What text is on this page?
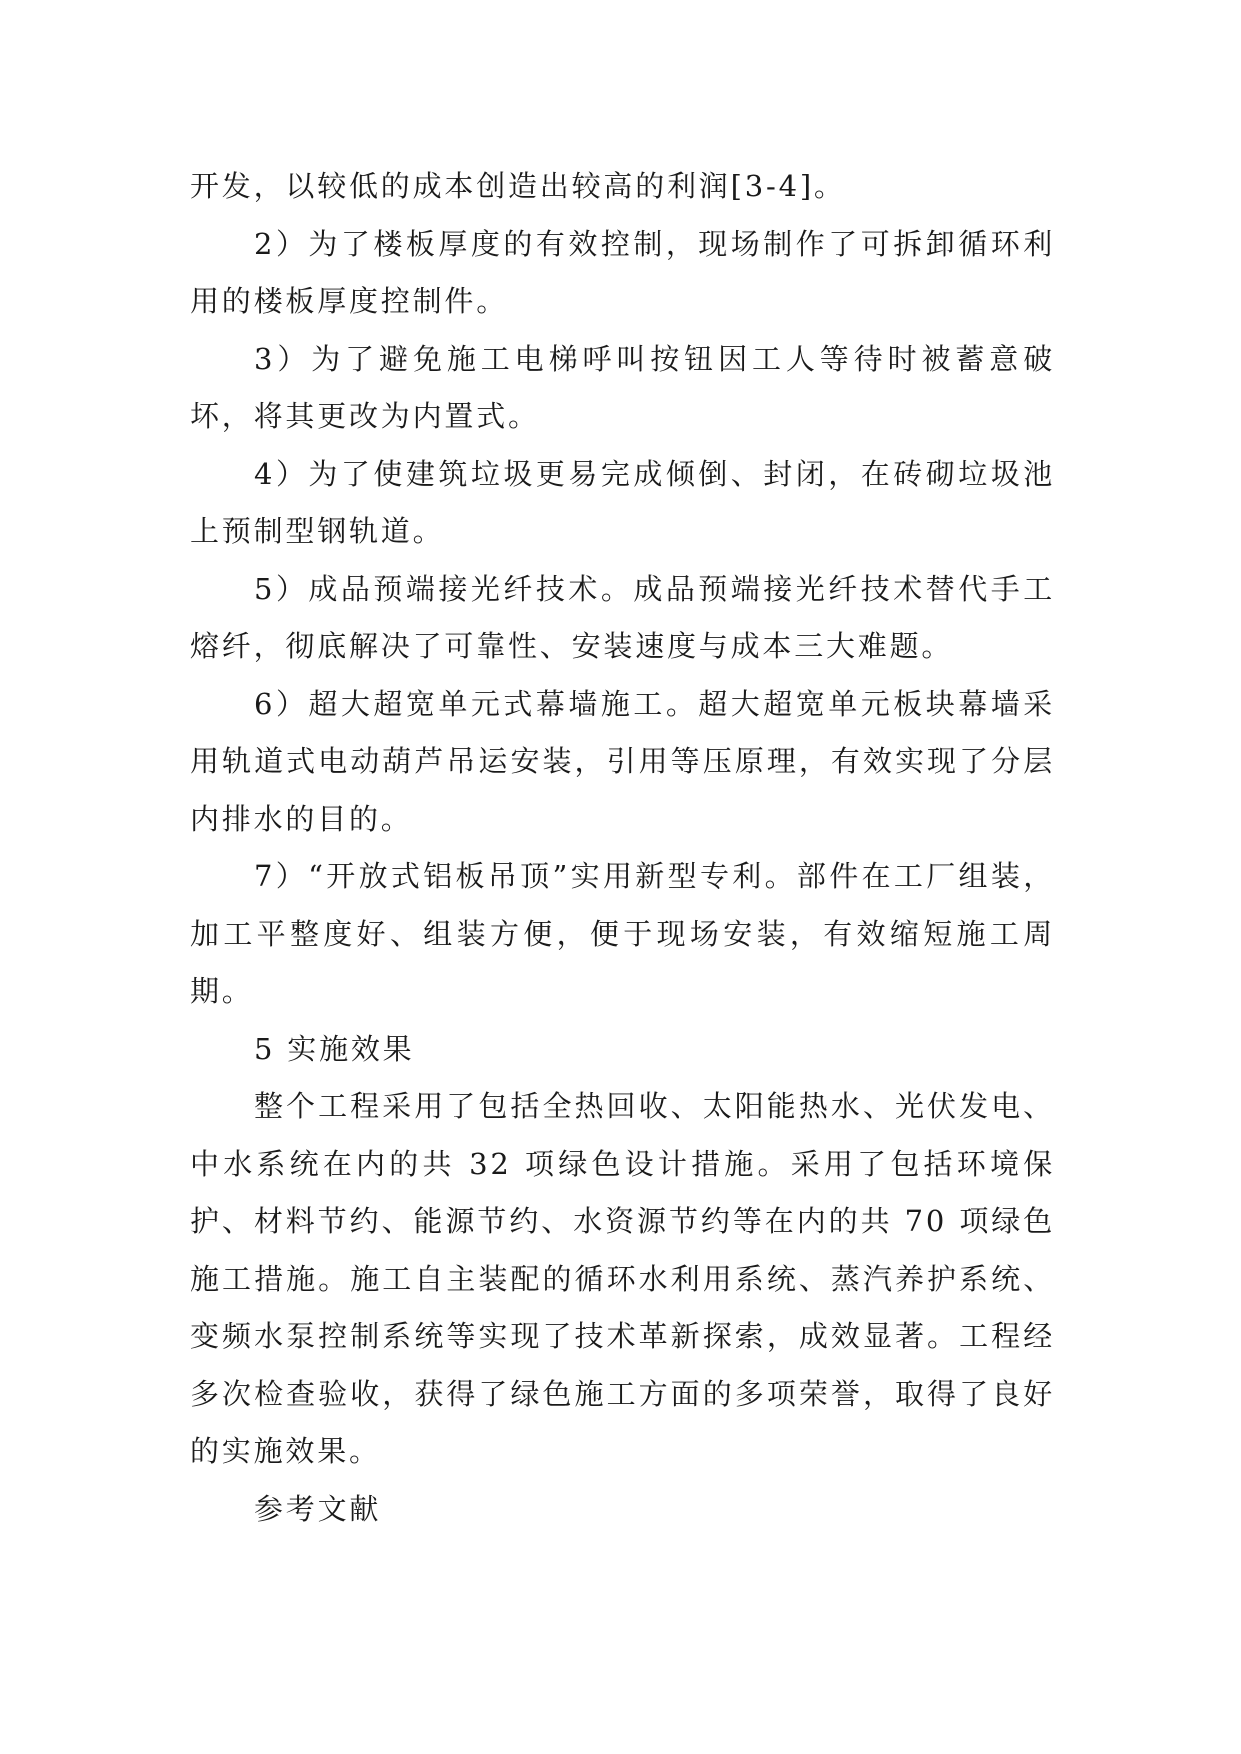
开发，以较低的成本创造出较高的利润[3-4]。

2）为了楼板厚度的有效控制，现场制作了可拆卸循环利用的楼板厚度控制件。

3）为了避免施工电梯呼叫按钮因工人等待时被蓄意破坏，将其更改为内置式。

4）为了使建筑垃圾更易完成倾倒、封闭，在砖砌垃圾池上预制型钢轨道。

5）成品预端接光纤技术。成品预端接光纤技术替代手工熔纤，彻底解决了可靠性、安装速度与成本三大难题。

6）超大超宽单元式幕墙施工。超大超宽单元板块幕墙采用轨道式电动葫芦吊运安装，引用等压原理，有效实现了分层内排水的目的。

7）“开放式铝板吊顶”实用新型专利。部件在工厂组装，加工平整度好、组装方便，便于现场安装，有效缩短施工周期。

5 实施效果

整个工程采用了包括全热回收、太阳能热水、光伏发电、中水系统在内的共 32 项绿色设计措施。采用了包括环境保护、材料节约、能源节约、水资源节约等在内的共 70 项绿色施工措施。施工自主装配的循环水利用系统、蒸汽养护系统、变频水泵控制系统等实现了技术革新探索，成效显著。工程经多次检查验收，获得了绿色施工方面的多项荣誉，取得了良好的实施效果。

参考文献
